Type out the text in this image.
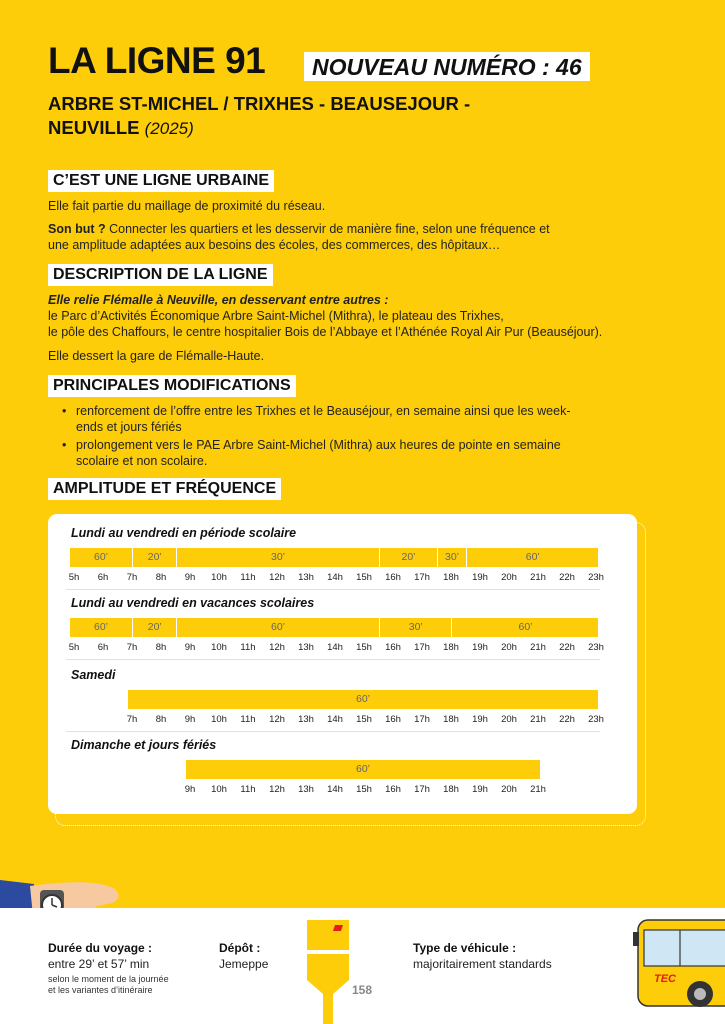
LA LIGNE 91	NOUVEAU NUMÉRO : 46
ARBRE ST-MICHEL / TRIXHES - BEAUSEJOUR -
NEUVILLE (2025)
C’EST UNE LIGNE URBAINE
Elle fait partie du maillage de proximité du réseau.
Son but ? Connecter les quartiers et les desservir de manière fine, selon une fréquence et
une amplitude adaptées aux besoins des écoles, des commerces, des hôpitaux…
DESCRIPTION DE LA LIGNE
Elle relie Flémalle à Neuville, en desservant entre autres :
le Parc d’Activités Économique Arbre Saint-Michel (Mithra), le plateau des Trixhes,
le pôle des Chaffours, le centre hospitalier Bois de l’Abbaye et l’Athénée Royal Air Pur (Beauséjour).
Elle dessert la gare de Flémalle-Haute.
PRINCIPALES MODIFICATIONS
• renforcement de l’offre entre les Trixhes et le Beauséjour, en semaine ainsi que les week-ends et jours fériés
• prolongement vers le PAE Arbre Saint-Michel (Mithra) aux heures de pointe en semaine scolaire et non scolaire.
AMPLITUDE ET FRÉQUENCE
Lundi au vendredi en période scolaire
60’	20’	30’	20’	30’	60’
5h	6h	7h	8h	9h	10h	11h	12h	13h	14h	15h	16h	17h	18h	19h	20h	21h	22h	23h
Lundi au vendredi en vacances scolaires
60’	20’	60’	30’	60’
5h	6h	7h	8h	9h	10h	11h	12h	13h	14h	15h	16h	17h	18h	19h	20h	21h	22h	23h
Samedi
60’
7h	8h	9h	10h	11h	12h	13h	14h	15h	16h	17h	18h	19h	20h	21h	22h	23h
Dimanche et jours fériés
60’
9h	10h	11h	12h	13h	14h	15h	16h	17h	18h	19h	20h	21h
Durée du voyage :
entre 29’ et 57’ min
selon le moment de la journée
et les variantes d’itinéraire
Dépôt :
Jemeppe
158
Type de véhicule :
majoritairement standards
TEC
